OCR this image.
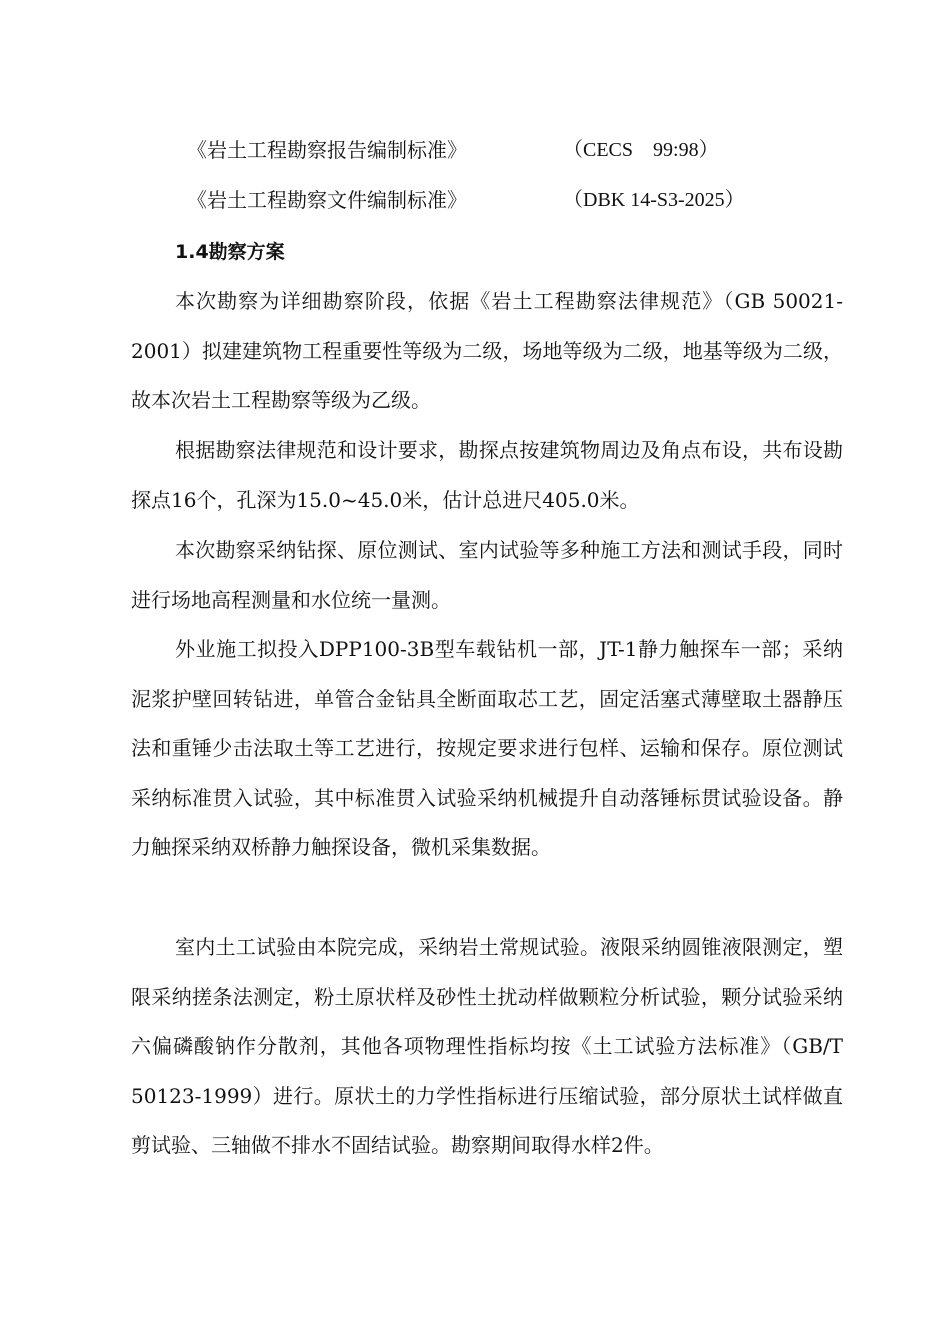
《岩土工程勘察报告编制标准》	（CECS　99:98）
《岩土工程勘察文件编制标准》	（DBK 14-S3-2025）
1.4勘察方案

本次勘察为详细勘察阶段，依据《岩土工程勘察法律规范》（GB 50021-2001）拟建建筑物工程重要性等级为二级，场地等级为二级，地基等级为二级，故本次岩土工程勘察等级为乙级。

根据勘察法律规范和设计要求，勘探点按建筑物周边及角点布设，共布设勘探点16个，孔深为15.0~45.0米，估计总进尺405.0米。

本次勘察采纳钻探、原位测试、室内试验等多种施工方法和测试手段，同时进行场地高程测量和水位统一量测。

外业施工拟投入DPP100-3B型车载钻机一部，JT-1静力触探车一部；采纳泥浆护壁回转钻进，单管合金钻具全断面取芯工艺，固定活塞式薄壁取土器静压法和重锤少击法取土等工艺进行，按规定要求进行包样、运输和保存。原位测试采纳标准贯入试验，其中标准贯入试验采纳机械提升自动落锤标贯试验设备。静力触探采纳双桥静力触探设备，微机采集数据。

室内土工试验由本院完成，采纳岩土常规试验。液限采纳圆锥液限测定，塑限采纳搓条法测定，粉土原状样及砂性土扰动样做颗粒分析试验，颗分试验采纳六偏磷酸钠作分散剂，其他各项物理性指标均按《土工试验方法标准》（GB/T 50123-1999）进行。原状土的力学性指标进行压缩试验，部分原状土试样做直剪试验、三轴做不排水不固结试验。勘察期间取得水样2件。
